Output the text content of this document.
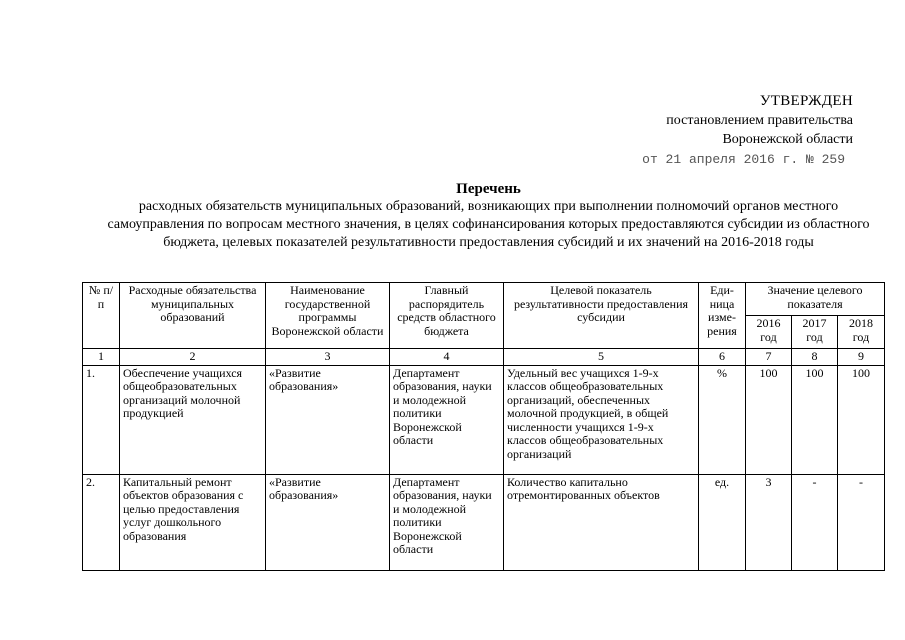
УТВЕРЖДЕН
постановлением правительства
Воронежской области
от 21 апреля 2016 г. № 259
Перечень
расходных обязательств муниципальных образований, возникающих при выполнении полномочий органов местного самоуправления по вопросам местного значения, в целях софинансирования которых предоставляются субсидии из областного бюджета, целевых показателей результативности предоставления субсидий и их значений на 2016-2018 годы
№ п/п	Расходные обязательства муниципальных образований	Наименование государственной программы Воронежской области	Главный распорядитель средств областного бюджета	Целевой показатель результативности предоставления субсидии	Еди-ница изме-рения	Значение целевого показателя		
						2016 год	2017 год	2018 год
1	2	3	4	5	6	7	8	9
1.	Обеспечение учащихся общеобразовательных организаций молочной продукцией	«Развитие образования»	Департамент образования, науки и молодежной политики Воронежской области	Удельный вес учащихся 1-9-х классов общеобразовательных организаций, обеспеченных молочной продукцией, в общей численности учащихся 1-9-х классов общеобразовательных организаций	%	100	100	100
2.	Капитальный ремонт объектов образования с целью предоставления услуг дошкольного образования	«Развитие образования»	Департамент образования, науки и молодежной политики Воронежской области	Количество капитально отремонтированных объектов	ед.	3	-	-
